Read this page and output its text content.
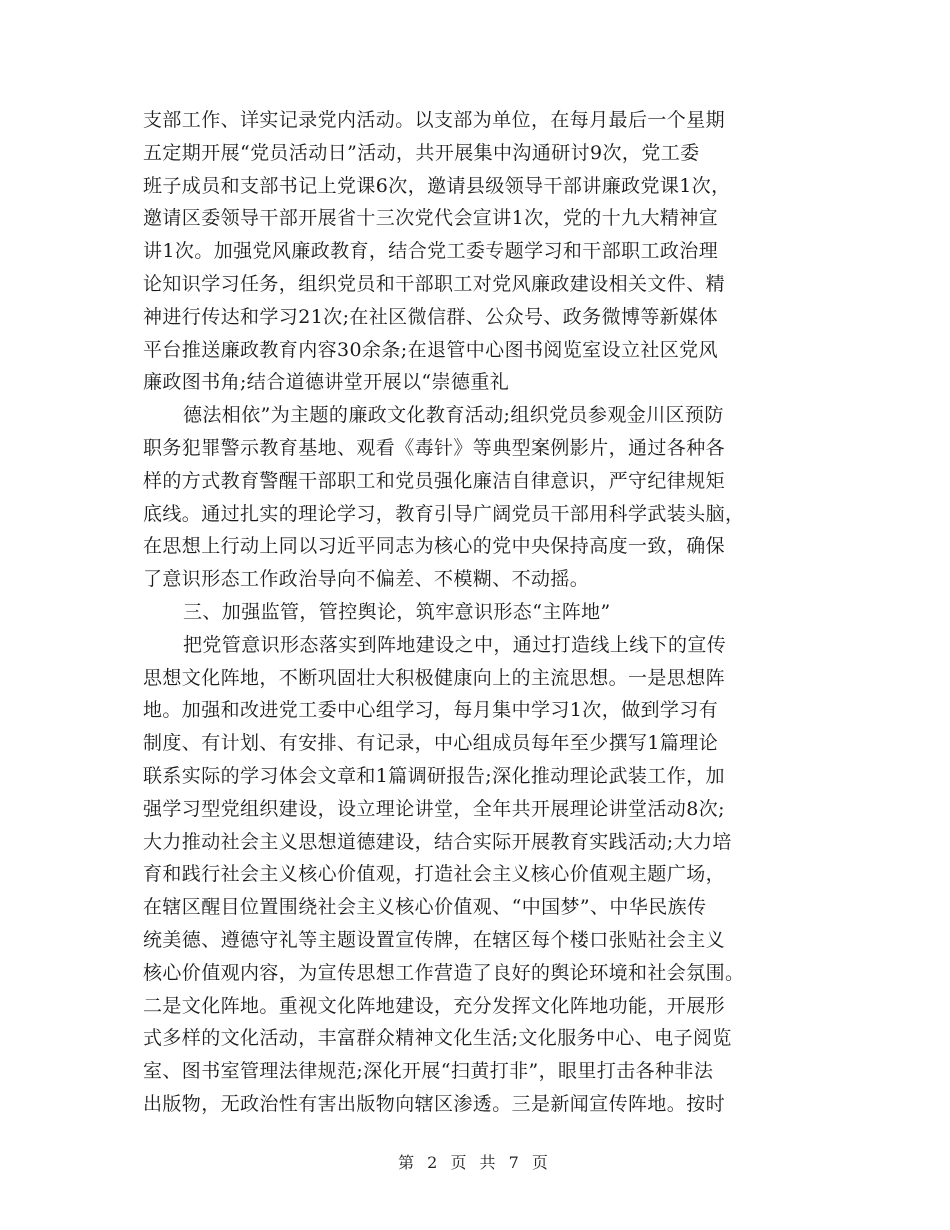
支部工作、详实记录党内活动。以支部为单位，在每月最后一个星期
五定期开展“党员活动日”活动，共开展集中沟通研讨9次，党工委
班子成员和支部书记上党课6次，邀请县级领导干部讲廉政党课1次，
邀请区委领导干部开展省十三次党代会宣讲1次，党的十九大精神宣
讲1次。加强党风廉政教育，结合党工委专题学习和干部职工政治理
论知识学习任务，组织党员和干部职工对党风廉政建设相关文件、精
神进行传达和学习21次;在社区微信群、公众号、政务微博等新媒体
平台推送廉政教育内容30余条;在退管中心图书阅览室设立社区党风
廉政图书角;结合道德讲堂开展以“崇德重礼
德法相依”为主题的廉政文化教育活动;组织党员参观金川区预防
职务犯罪警示教育基地、观看《毒针》等典型案例影片，通过各种各
样的方式教育警醒干部职工和党员强化廉洁自律意识，严守纪律规矩
底线。通过扎实的理论学习，教育引导广阔党员干部用科学武装头脑，
在思想上行动上同以习近平同志为核心的党中央保持高度一致，确保
了意识形态工作政治导向不偏差、不模糊、不动摇。
三、加强监管，管控舆论，筑牢意识形态“主阵地”
把党管意识形态落实到阵地建设之中，通过打造线上线下的宣传
思想文化阵地，不断巩固壮大积极健康向上的主流思想。一是思想阵
地。加强和改进党工委中心组学习，每月集中学习1次，做到学习有
制度、有计划、有安排、有记录，中心组成员每年至少撰写1篇理论
联系实际的学习体会文章和1篇调研报告;深化推动理论武装工作，加
强学习型党组织建设，设立理论讲堂，全年共开展理论讲堂活动8次;
大力推动社会主义思想道德建设，结合实际开展教育实践活动;大力培
育和践行社会主义核心价值观，打造社会主义核心价值观主题广场，
在辖区醒目位置围绕社会主义核心价值观、“中国梦”、中华民族传
统美德、遵德守礼等主题设置宣传牌，在辖区每个楼口张贴社会主义
核心价值观内容，为宣传思想工作营造了良好的舆论环境和社会氛围。
二是文化阵地。重视文化阵地建设，充分发挥文化阵地功能，开展形
式多样的文化活动，丰富群众精神文化生活;文化服务中心、电子阅览
室、图书室管理法律规范;深化开展“扫黄打非”，眼里打击各种非法
出版物，无政治性有害出版物向辖区渗透。三是新闻宣传阵地。按时
第 2 页 共 7 页
